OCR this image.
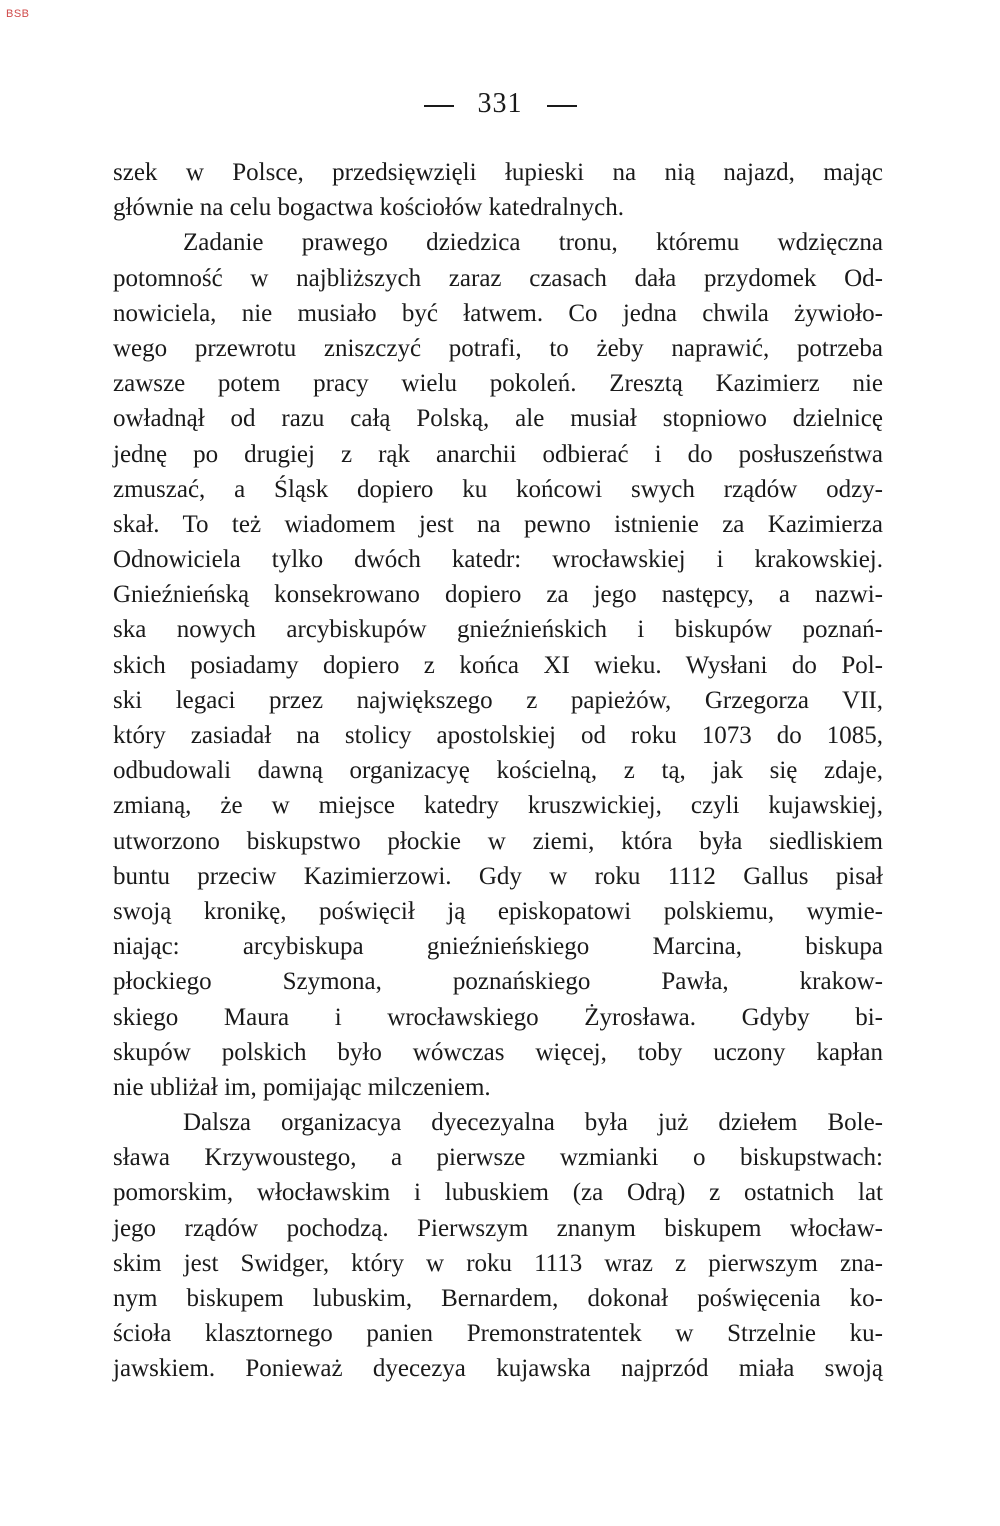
BSB
331
szek w Polsce, przedsięwzięli łupieski na nią najazd, mając
głównie na celu bogactwa kościołów katedralnych.
Zadanie prawego dziedzica tronu, któremu wdzięczna
potomność w najbliższych zaraz czasach dała przydomek Od-
nowiciela, nie musiało być łatwem. Co jedna chwila żywioło-
wego przewrotu zniszczyć potrafi, to żeby naprawić, potrzeba
zawsze potem pracy wielu pokoleń. Zresztą Kazimierz nie
owładnął od razu całą Polską, ale musiał stopniowo dzielnicę
jednę po drugiej z rąk anarchii odbierać i do posłuszeństwa
zmuszać, a Śląsk dopiero ku końcowi swych rządów odzy-
skał. To też wiadomem jest na pewno istnienie za Kazimierza
Odnowiciela tylko dwóch katedr: wrocławskiej i krakowskiej.
Gnieźnieńską konsekrowano dopiero za jego następcy, a nazwi-
ska nowych arcybiskupów gnieźnieńskich i biskupów poznań-
skich posiadamy dopiero z końca XI wieku. Wysłani do Pol-
ski legaci przez największego z papieżów, Grzegorza VII,
który zasiadał na stolicy apostolskiej od roku 1073 do 1085,
odbudowali dawną organizacyę kościelną, z tą, jak się zdaje,
zmianą, że w miejsce katedry kruszwickiej, czyli kujawskiej,
utworzono biskupstwo płockie w ziemi, która była siedliskiem
buntu przeciw Kazimierzowi. Gdy w roku 1112 Gallus pisał
swoją kronikę, poświęcił ją episkopatowi polskiemu, wymie-
niając: arcybiskupa gnieźnieńskiego Marcina, biskupa
płockiego Szymona, poznańskiego Pawła, krakow-
skiego Maura i wrocławskiego Żyrosława. Gdyby bi-
skupów polskich było wówczas więcej, toby uczony kapłan
nie ubliżał im, pomijając milczeniem.
Dalsza organizacya dyecezyalna była już dziełem Bole-
sława Krzywoustego, a pierwsze wzmianki o biskupstwach:
pomorskim, włocławskim i lubuskiem (za Odrą) z ostatnich lat
jego rządów pochodzą. Pierwszym znanym biskupem włocław-
skim jest Swidger, który w roku 1113 wraz z pierwszym zna-
nym biskupem lubuskim, Bernardem, dokonał poświęcenia ko-
ścioła klasztornego panien Premonstratentek w Strzelnie ku-
jawskiem. Ponieważ dyecezya kujawska najprzód miała swoją
